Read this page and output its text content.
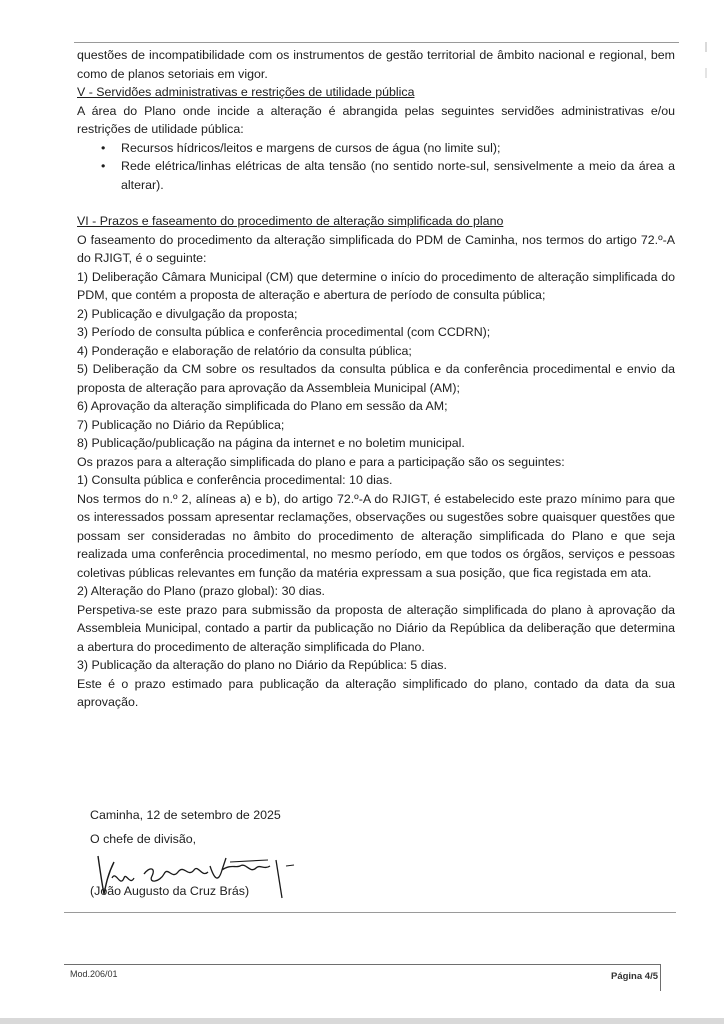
questões de incompatibilidade com os instrumentos de gestão territorial de âmbito nacional e regional, bem como de planos setoriais em vigor.

V - Servidões administrativas e restrições de utilidade pública

A área do Plano onde incide a alteração é abrangida pelas seguintes servidões administrativas e/ou restrições de utilidade pública:

• Recursos hídricos/leitos e margens de cursos de água (no limite sul);
• Rede elétrica/linhas elétricas de alta tensão (no sentido norte-sul, sensivelmente a meio da área a alterar).

VI - Prazos e faseamento do procedimento de alteração simplificada do plano

O faseamento do procedimento da alteração simplificada do PDM de Caminha, nos termos do artigo 72.º-A do RJIGT, é o seguinte:

1) Deliberação Câmara Municipal (CM) que determine o início do procedimento de alteração simplificada do PDM, que contém a proposta de alteração e abertura de período de consulta pública;

2) Publicação e divulgação da proposta;

3) Período de consulta pública e conferência procedimental (com CCDRN);

4) Ponderação e elaboração de relatório da consulta pública;

5) Deliberação da CM sobre os resultados da consulta pública e da conferência procedimental e envio da proposta de alteração para aprovação da Assembleia Municipal (AM);

6) Aprovação da alteração simplificada do Plano em sessão da AM;

7) Publicação no Diário da República;

8) Publicação/publicação na página da internet e no boletim municipal.

Os prazos para a alteração simplificada do plano e para a participação são os seguintes:

1) Consulta pública e conferência procedimental: 10 dias.

Nos termos do n.º 2, alíneas a) e b), do artigo 72.º-A do RJIGT, é estabelecido este prazo mínimo para que os interessados possam apresentar reclamações, observações ou sugestões sobre quaisquer questões que possam ser consideradas no âmbito do procedimento de alteração simplificada do Plano e que seja realizada uma conferência procedimental, no mesmo período, em que todos os órgãos, serviços e pessoas coletivas públicas relevantes em função da matéria expressam a sua posição, que fica registada em ata.

2) Alteração do Plano (prazo global): 30 dias.

Perspetiva-se este prazo para submissão da proposta de alteração simplificada do plano à aprovação da Assembleia Municipal, contado a partir da publicação no Diário da República da deliberação que determina a abertura do procedimento de alteração simplificada do Plano.

3) Publicação da alteração do plano no Diário da República: 5 dias.

Este é o prazo estimado para publicação da alteração simplificado do plano, contado da data da sua aprovação.

Caminha, 12 de setembro de 2025
O chefe de divisão,
(João Augusto da Cruz Brás)
Mod.206/01	Página 4/5
